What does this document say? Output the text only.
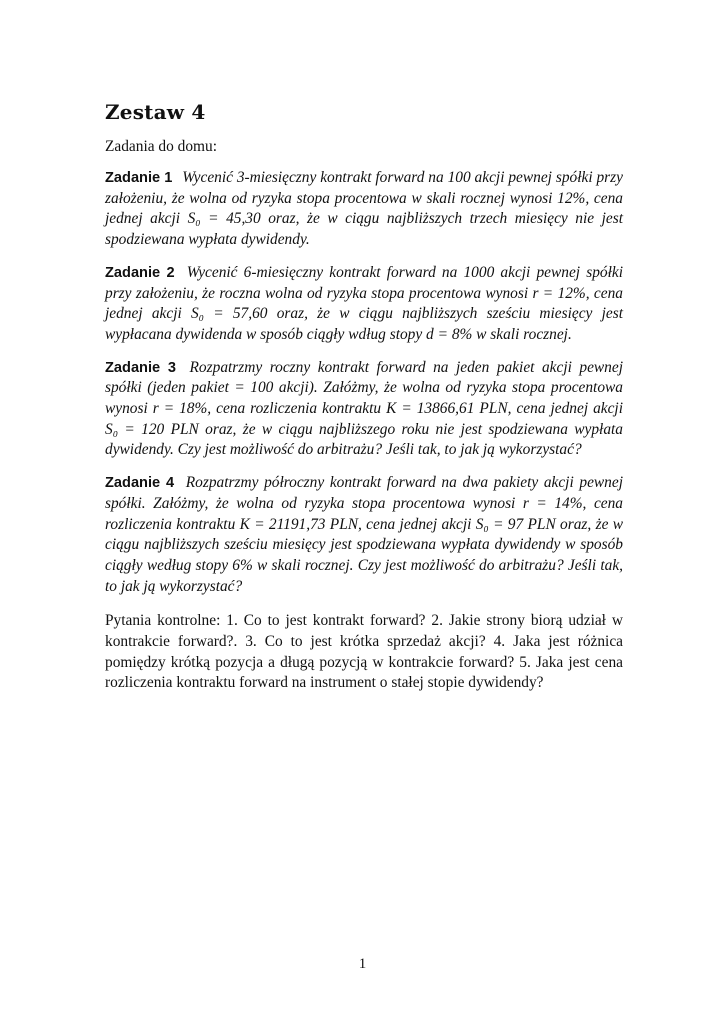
Zestaw 4

Zadania do domu:

Zadanie 1 Wycenić 3-miesięczny kontrakt forward na 100 akcji pewnej spółki przy założeniu, że wolna od ryzyka stopa procentowa w skali rocznej wynosi 12%, cena jednej akcji S₀ = 45,30 oraz, że w ciągu najbliższych trzech miesięcy nie jest spodziewana wypłata dywidendy.

Zadanie 2 Wycenić 6-miesięczny kontrakt forward na 1000 akcji pewnej spółki przy założeniu, że roczna wolna od ryzyka stopa procentowa wynosi r = 12%, cena jednej akcji S₀ = 57,60 oraz, że w ciągu najbliższych sześciu miesięcy jest wypłacana dywidenda w sposób ciągły wdług stopy d = 8% w skali rocznej.

Zadanie 3 Rozpatrzmy roczny kontrakt forward na jeden pakiet akcji pewnej spółki (jeden pakiet = 100 akcji). Załóżmy, że wolna od ryzyka stopa procentowa wynosi r = 18%, cena rozliczenia kontraktu K = 13866,61 PLN, cena jednej akcji S₀ = 120 PLN oraz, że w ciągu najbliższego roku nie jest spodziewana wypłata dywidendy. Czy jest możliwość do arbitrażu? Jeśli tak, to jak ją wykorzystać?

Zadanie 4 Rozpatrzmy półroczny kontrakt forward na dwa pakiety akcji pewnej spółki. Załóżmy, że wolna od ryzyka stopa procentowa wynosi r = 14%, cena rozliczenia kontraktu K = 21191,73 PLN, cena jednej akcji S₀ = 97 PLN oraz, że w ciągu najbliższych sześciu miesięcy jest spodziewana wypłata dywidendy w sposób ciągły według stopy 6% w skali rocznej. Czy jest możliwość do arbitrażu? Jeśli tak, to jak ją wykorzystać?

Pytania kontrolne: 1. Co to jest kontrakt forward? 2. Jakie strony biorą udział w kontrakcie forward?. 3. Co to jest krótka sprzedaż akcji? 4. Jaka jest różnica pomiędzy krótką pozycja a długą pozycją w kontrakcie forward? 5. Jaka jest cena rozliczenia kontraktu forward na instrument o stałej stopie dywidendy?

1
